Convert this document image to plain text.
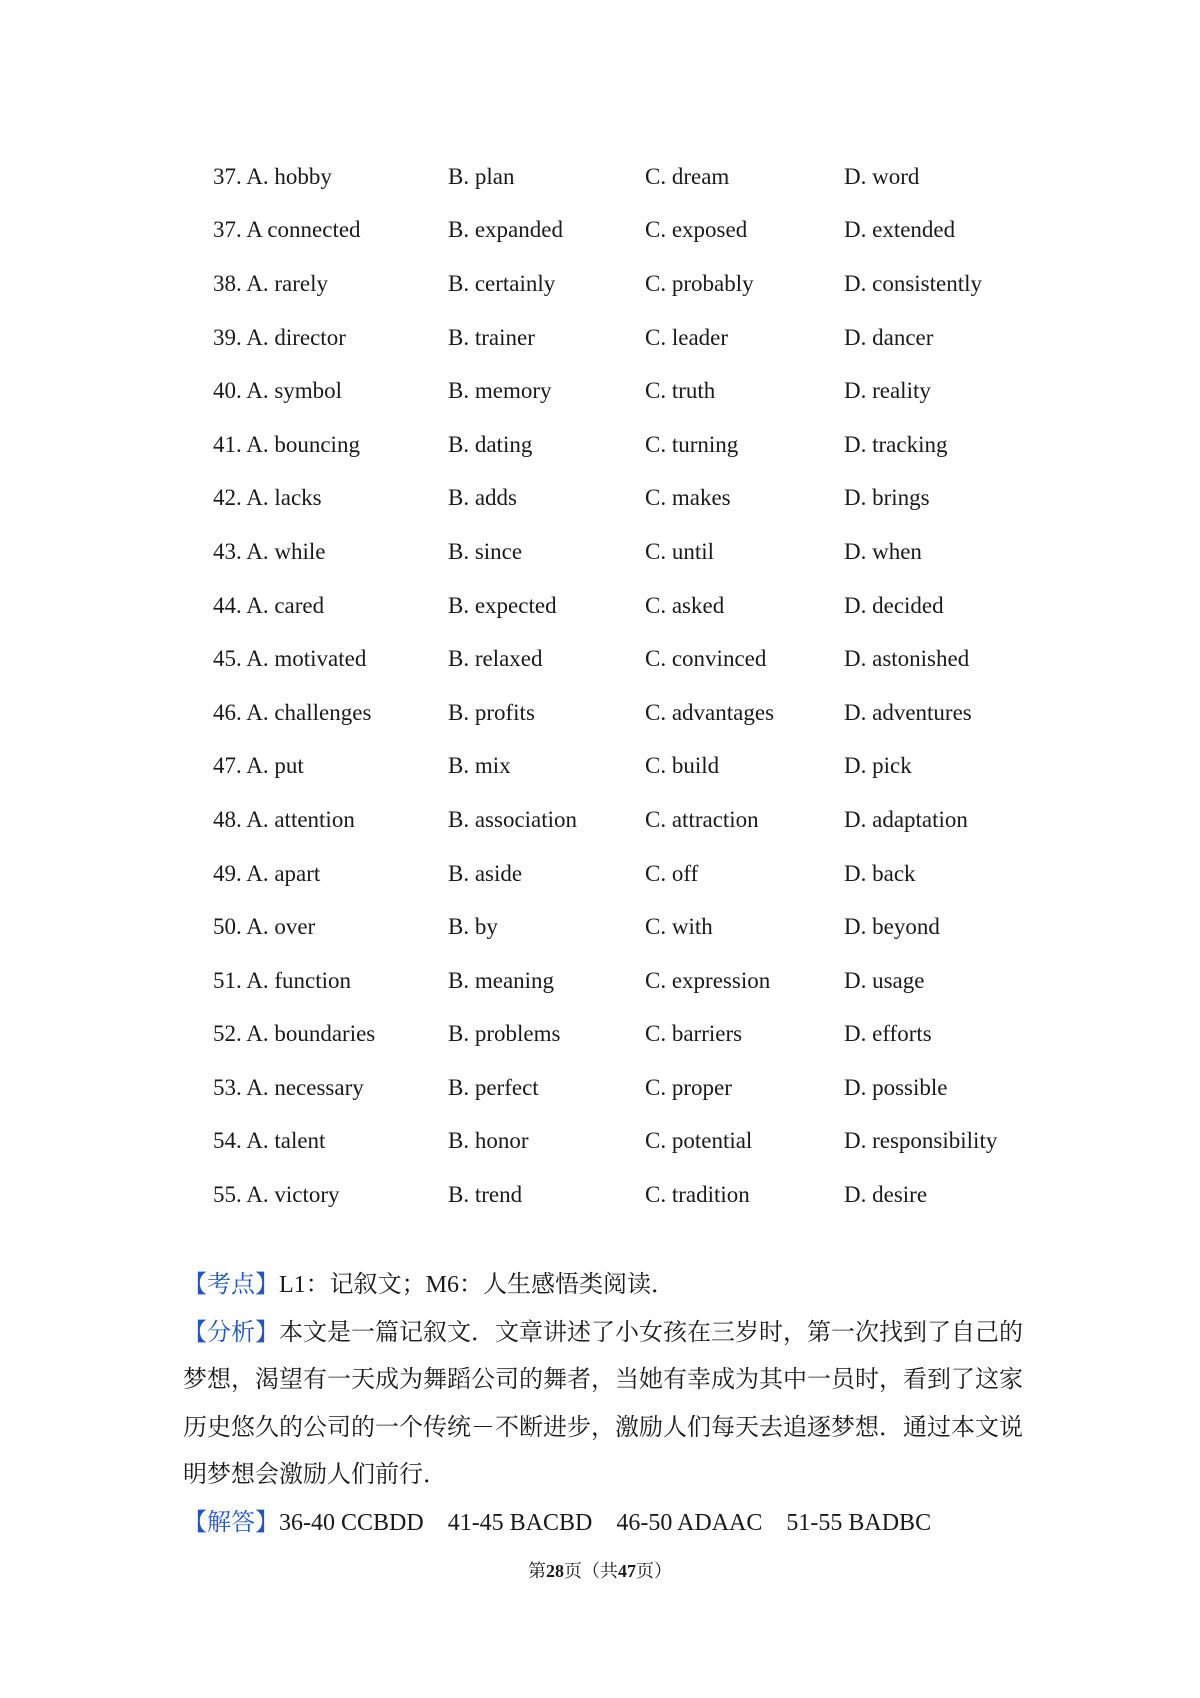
37. A. hobby	B. plan	C. dream	D. word
37. A connected	B. expanded	C. exposed	D. extended
38. A. rarely	B. certainly	C. probably	D. consistently
39. A. director	B. trainer	C. leader	D. dancer
40. A. symbol	B. memory	C. truth	D. reality
41. A. bouncing	B. dating	C. turning	D. tracking
42. A. lacks	B. adds	C. makes	D. brings
43. A. while	B. since	C. until	D. when
44. A. cared	B. expected	C. asked	D. decided
45. A. motivated	B. relaxed	C. convinced	D. astonished
46. A. challenges	B. profits	C. advantages	D. adventures
47. A. put	B. mix	C. build	D. pick
48. A. attention	B. association	C. attraction	D. adaptation
49. A. apart	B. aside	C. off	D. back
50. A. over	B. by	C. with	D. beyond
51. A. function	B. meaning	C. expression	D. usage
52. A. boundaries	B. problems	C. barriers	D. efforts
53. A. necessary	B. perfect	C. proper	D. possible
54. A. talent	B. honor	C. potential	D. responsibility
55. A. victory	B. trend	C. tradition	D. desire

【考点】L1：记叙文；M6：人生感悟类阅读．

【分析】本文是一篇记叙文．文章讲述了小女孩在三岁时，第一次找到了自己的

梦想，渴望有一天成为舞蹈公司的舞者，当她有幸成为其中一员时，看到了这家

历史悠久的公司的一个传统－不断进步，激励人们每天去追逐梦想．通过本文说

明梦想会激励人们前行．

【解答】36-40 CCBDD 41-45 BACBD 46-50 ADAAC 51-55 BADBC

第28页（共47页）
